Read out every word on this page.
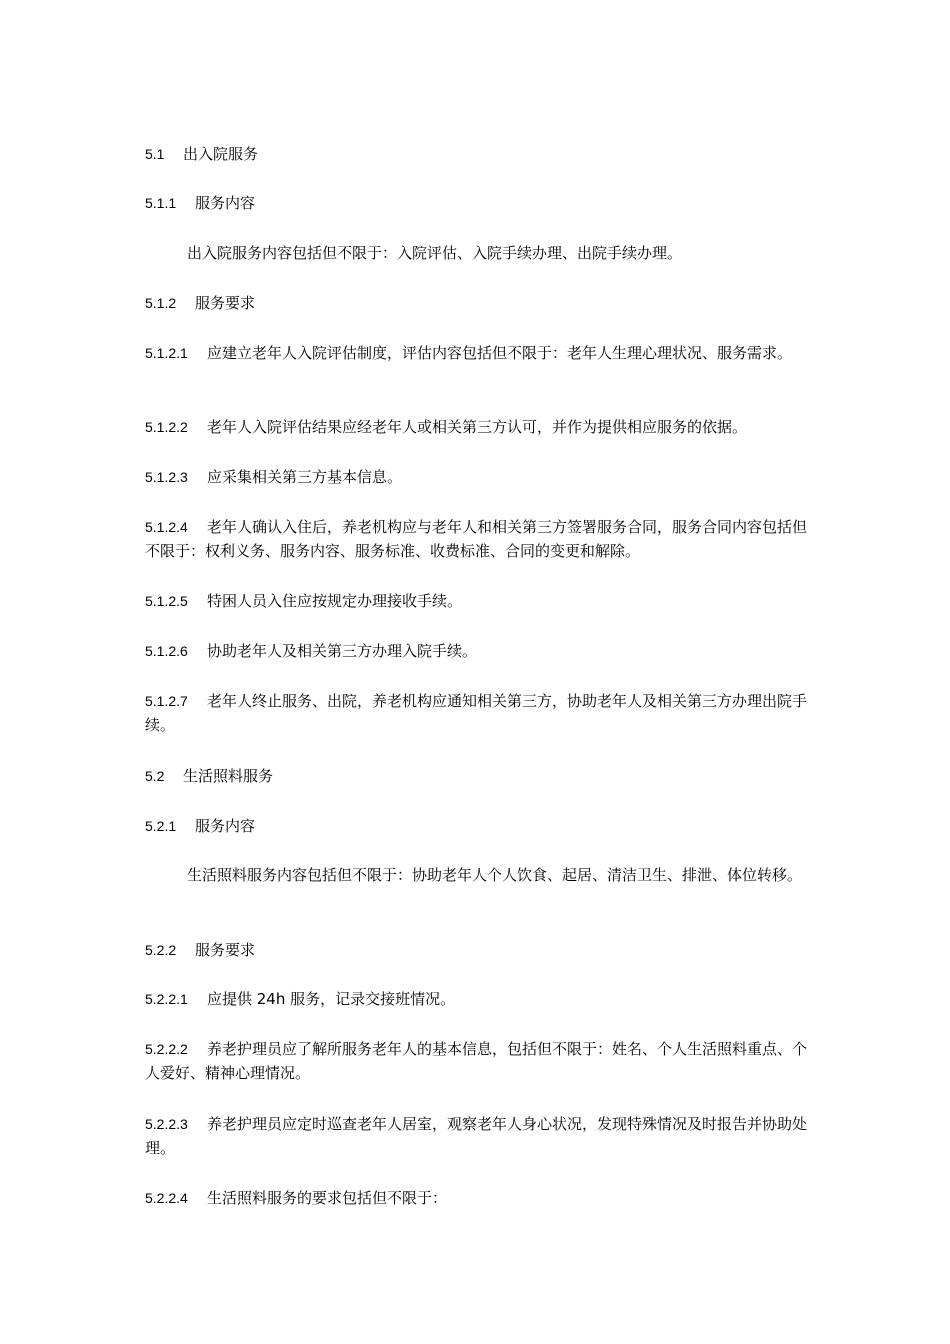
5.1 出入院服务

5.1.1 服务内容

出入院服务内容包括但不限于：入院评估、入院手续办理、出院手续办理。

5.1.2 服务要求

5.1.2.1 应建立老年人入院评估制度，评估内容包括但不限于：老年人生理心理状况、服务需求。

5.1.2.2 老年人入院评估结果应经老年人或相关第三方认可，并作为提供相应服务的依据。

5.1.2.3 应采集相关第三方基本信息。

5.1.2.4 老年人确认入住后，养老机构应与老年人和相关第三方签署服务合同，服务合同内容包括但不限于：权利义务、服务内容、服务标准、收费标准、合同的变更和解除。

5.1.2.5 特困人员入住应按规定办理接收手续。

5.1.2.6 协助老年人及相关第三方办理入院手续。

5.1.2.7 老年人终止服务、出院，养老机构应通知相关第三方，协助老年人及相关第三方办理出院手续。

5.2 生活照料服务

5.2.1 服务内容

生活照料服务内容包括但不限于：协助老年人个人饮食、起居、清洁卫生、排泄、体位转移。

5.2.2 服务要求

5.2.2.1 应提供 24h 服务，记录交接班情况。

5.2.2.2 养老护理员应了解所服务老年人的基本信息，包括但不限于：姓名、个人生活照料重点、个人爱好、精神心理情况。

5.2.2.3 养老护理员应定时巡查老年人居室，观察老年人身心状况，发现特殊情况及时报告并协助处理。

5.2.2.4 生活照料服务的要求包括但不限于：
